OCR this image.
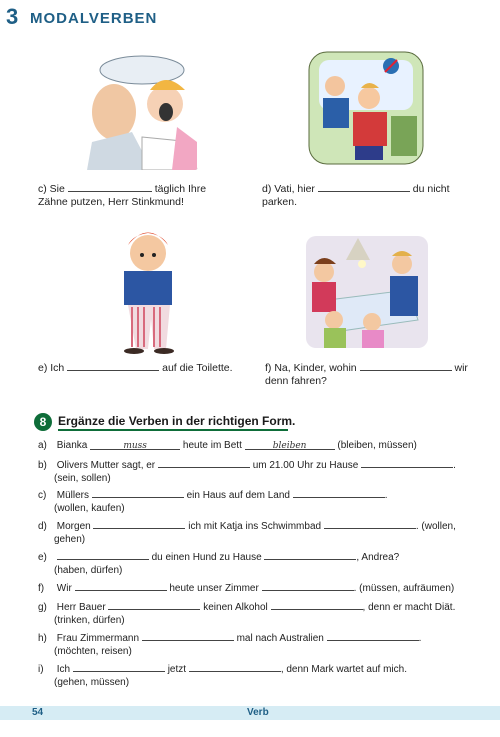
3 MODALVERBEN
c) Sie	täglich Ihre
Zähne putzen, Herr Stinkmund!
d) Vati, hier	du nicht
parken.
e) Ich	auf die Toilette.	f) Na, Kinder, wohin	wir
denn fahren?
8 Ergänze die Verben in der richtigen Form.
a) Bianka	muss	heute im Bett	bleiben	(bleiben, müssen)
b) Olivers Mutter sagt, er	um 21.00 Uhr zu Hause	.
(sein, sollen)
c) Müllers	ein Haus auf dem Land	.
(wollen, kaufen)
d) Morgen	ich mit Katja ins Schwimmbad	. (wollen,
gehen)
e)	du einen Hund zu Hause	, Andrea?
(haben, dürfen)
f) Wir	heute unser Zimmer	. (müssen, aufräumen)
g) Herr Bauer	keinen Alkohol	, denn er macht Diät.
(trinken, dürfen)
h) Frau Zimmermann	mal nach Australien	.
(möchten, reisen)
i) Ich	jetzt	, denn Mark wartet auf mich.
(gehen, müssen)
54	Verb
